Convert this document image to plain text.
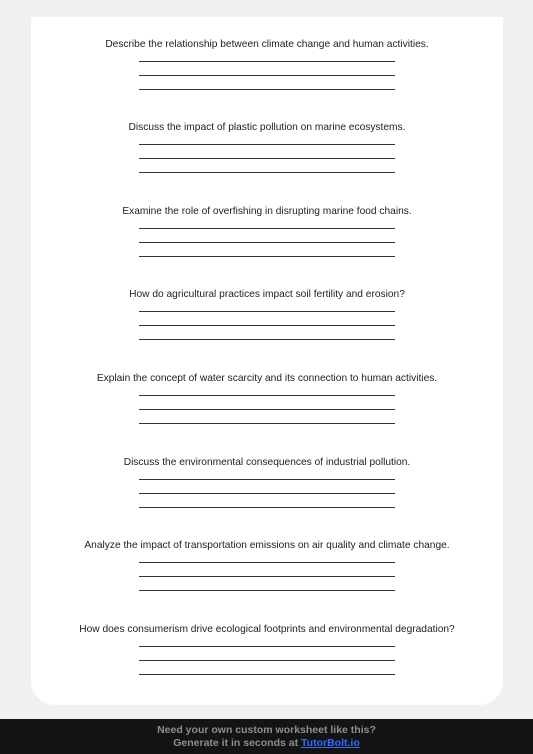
Describe the relationship between climate change and human activities.

Discuss the impact of plastic pollution on marine ecosystems.

Examine the role of overfishing in disrupting marine food chains.

How do agricultural practices impact soil fertility and erosion?

Explain the concept of water scarcity and its connection to human activities.

Discuss the environmental consequences of industrial pollution.

Analyze the impact of transportation emissions on air quality and climate change.

How does consumerism drive ecological footprints and environmental degradation?

Need your own custom worksheet like this?
Generate it in seconds at TutorBolt.io
